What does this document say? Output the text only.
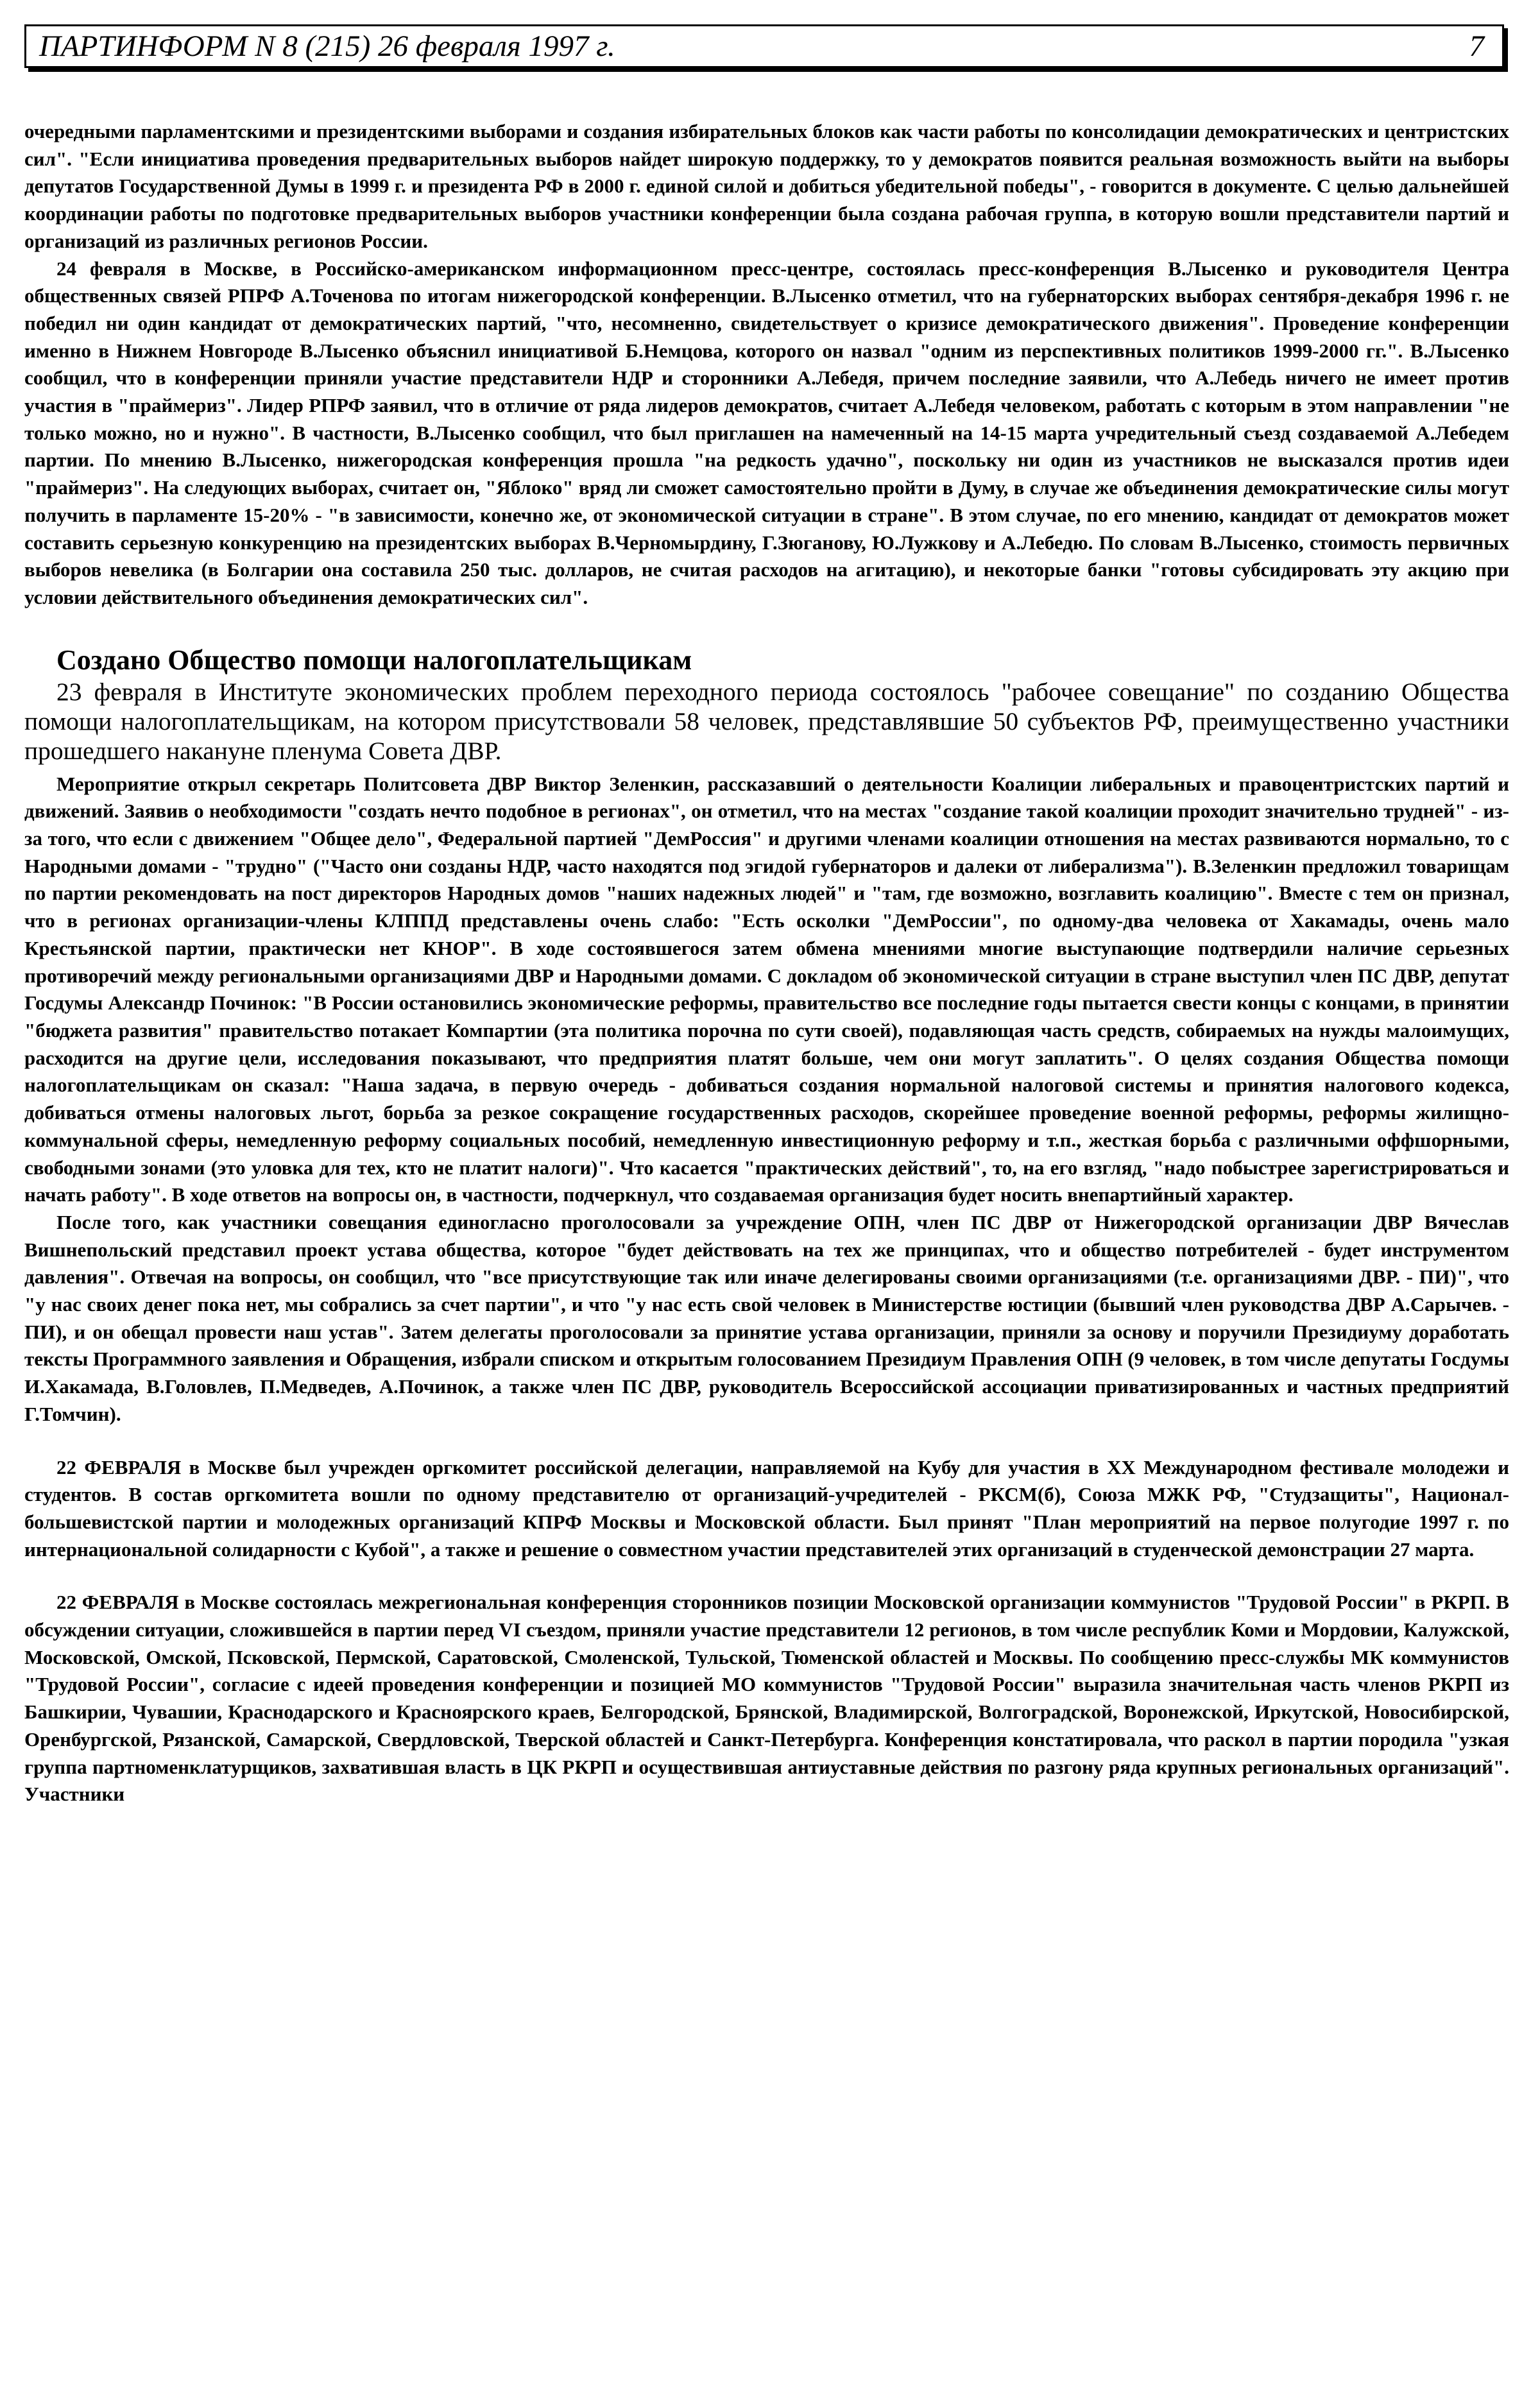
ПАРТИНФОРМ N 8 (215) 26 февраля 1997 г.	7

очередными парламентскими и президентскими выборами и создания избирательных блоков как части работы по консолидации демократических и центристских сил". "Если инициатива проведения предварительных выборов найдет широкую поддержку, то у демократов появится реальная возможность выйти на выборы депутатов Государственной Думы в 1999 г. и президента РФ в 2000 г. единой силой и добиться убедительной победы", - говорится в документе. С целью дальнейшей координации работы по подготовке предварительных выборов участники конференции была создана рабочая группа, в которую вошли представители партий и организаций из различных регионов России.

24 февраля в Москве, в Российско-американском информационном пресс-центре, состоялась пресс-конференция В.Лысенко и руководителя Центра общественных связей РПРФ А.Точенова по итогам нижегородской конференции. В.Лысенко отметил, что на губернаторских выборах сентября-декабря 1996 г. не победил ни один кандидат от демократических партий, "что, несомненно, свидетельствует о кризисе демократического движения". Проведение конференции именно в Нижнем Новгороде В.Лысенко объяснил инициативой Б.Немцова, которого он назвал "одним из перспективных политиков 1999-2000 гг.". В.Лысенко сообщил, что в конференции приняли участие представители НДР и сторонники А.Лебедя, причем последние заявили, что А.Лебедь ничего не имеет против участия в "праймериз". Лидер РПРФ заявил, что в отличие от ряда лидеров демократов, считает А.Лебедя человеком, работать с которым в этом направлении "не только можно, но и нужно". В частности, В.Лысенко сообщил, что был приглашен на намеченный на 14-15 марта учредительный съезд создаваемой А.Лебедем партии. По мнению В.Лысенко, нижегородская конференция прошла "на редкость удачно", поскольку ни один из участников не высказался против идеи "праймериз". На следующих выборах, считает он, "Яблоко" вряд ли сможет самостоятельно пройти в Думу, в случае же объединения демократические силы могут получить в парламенте 15-20% - "в зависимости, конечно же, от экономической ситуации в стране". В этом случае, по его мнению, кандидат от демократов может составить серьезную конкуренцию на президентских выборах В.Черномырдину, Г.Зюганову, Ю.Лужкову и А.Лебедю. По словам В.Лысенко, стоимость первичных выборов невелика (в Болгарии она составила 250 тыс. долларов, не считая расходов на агитацию), и некоторые банки "готовы субсидировать эту акцию при условии действительного объединения демократических сил".

Создано Общество помощи налогоплательщикам

23 февраля в Институте экономических проблем переходного периода состоялось "рабочее совещание" по созданию Общества помощи налогоплательщикам, на котором присутствовали 58 человек, представлявшие 50 субъектов РФ, преимущественно участники прошедшего накануне пленума Совета ДВР.

Мероприятие открыл секретарь Политсовета ДВР Виктор Зеленкин, рассказавший о деятельности Коалиции либеральных и правоцентристских партий и движений. Заявив о необходимости "создать нечто подобное в регионах", он отметил, что на местах "создание такой коалиции проходит значительно трудней" - из-за того, что если с движением "Общее дело", Федеральной партией "ДемРоссия" и другими членами коалиции отношения на местах развиваются нормально, то с Народными домами - "трудно" ("Часто они созданы НДР, часто находятся под эгидой губернаторов и далеки от либерализма"). В.Зеленкин предложил товарищам по партии рекомендовать на пост директоров Народных домов "наших надежных людей" и "там, где возможно, возглавить коалицию". Вместе с тем он признал, что в регионах организации-члены КЛППД представлены очень слабо: "Есть осколки "ДемРоссии", по одному-два человека от Хакамады, очень мало Крестьянской партии, практически нет КНОР". В ходе состоявшегося затем обмена мнениями многие выступающие подтвердили наличие серьезных противоречий между региональными организациями ДВР и Народными домами. С докладом об экономической ситуации в стране выступил член ПС ДВР, депутат Госдумы Александр Починок: "В России остановились экономические реформы, правительство все последние годы пытается свести концы с концами, в принятии "бюджета развития" правительство потакает Компартии (эта политика порочна по сути своей), подавляющая часть средств, собираемых на нужды малоимущих, расходится на другие цели, исследования показывают, что предприятия платят больше, чем они могут заплатить". О целях создания Общества помощи налогоплательщикам он сказал: "Наша задача, в первую очередь - добиваться создания нормальной налоговой системы и принятия налогового кодекса, добиваться отмены налоговых льгот, борьба за резкое сокращение государственных расходов, скорейшее проведение военной реформы, реформы жилищно-коммунальной сферы, немедленную реформу социальных пособий, немедленную инвестиционную реформу и т.п., жесткая борьба с различными оффшорными, свободными зонами (это уловка для тех, кто не платит налоги)". Что касается "практических действий", то, на его взгляд, "надо побыстрее зарегистрироваться и начать работу". В ходе ответов на вопросы он, в частности, подчеркнул, что создаваемая организация будет носить внепартийный характер.

После того, как участники совещания единогласно проголосовали за учреждение ОПН, член ПС ДВР от Нижегородской организации ДВР Вячеслав Вишнепольский представил проект устава общества, которое "будет действовать на тех же принципах, что и общество потребителей - будет инструментом давления". Отвечая на вопросы, он сообщил, что "все присутствующие так или иначе делегированы своими организациями (т.е. организациями ДВР. - ПИ)", что "у нас своих денег пока нет, мы собрались за счет партии", и что "у нас есть свой человек в Министерстве юстиции (бывший член руководства ДВР А.Сарычев. - ПИ), и он обещал провести наш устав". Затем делегаты проголосовали за принятие устава организации, приняли за основу и поручили Президиуму доработать тексты Программного заявления и Обращения, избрали списком и открытым голосованием Президиум Правления ОПН (9 человек, в том числе депутаты Госдумы И.Хакамада, В.Головлев, П.Медведев, А.Починок, а также член ПС ДВР, руководитель Всероссийской ассоциации приватизированных и частных предприятий Г.Томчин).

22 ФЕВРАЛЯ в Москве был учрежден оргкомитет российской делегации, направляемой на Кубу для участия в XX Международном фестивале молодежи и студентов. В состав оргкомитета вошли по одному представителю от организаций-учредителей - РКСМ(б), Союза МЖК РФ, "Студзащиты", Национал-большевистской партии и молодежных организаций КПРФ Москвы и Московской области. Был принят "План мероприятий на первое полугодие 1997 г. по интернациональной солидарности с Кубой", а также и решение о совместном участии представителей этих организаций в студенческой демонстрации 27 марта.

22 ФЕВРАЛЯ в Москве состоялась межрегиональная конференция сторонников позиции Московской организации коммунистов "Трудовой России" в РКРП. В обсуждении ситуации, сложившейся в партии перед VI съездом, приняли участие представители 12 регионов, в том числе республик Коми и Мордовии, Калужской, Московской, Омской, Псковской, Пермской, Саратовской, Смоленской, Тульской, Тюменской областей и Москвы. По сообщению пресс-службы МК коммунистов "Трудовой России", согласие с идеей проведения конференции и позицией МО коммунистов "Трудовой России" выразила значительная часть членов РКРП из Башкирии, Чувашии, Краснодарского и Красноярского краев, Белгородской, Брянской, Владимирской, Волгоградской, Воронежской, Иркутской, Новосибирской, Оренбургской, Рязанской, Самарской, Свердловской, Тверской областей и Санкт-Петербурга. Конференция констатировала, что раскол в партии породила "узкая группа партноменклатурщиков, захватившая власть в ЦК РКРП и осуществившая антиуставные действия по разгону ряда крупных региональных организаций". Участники
